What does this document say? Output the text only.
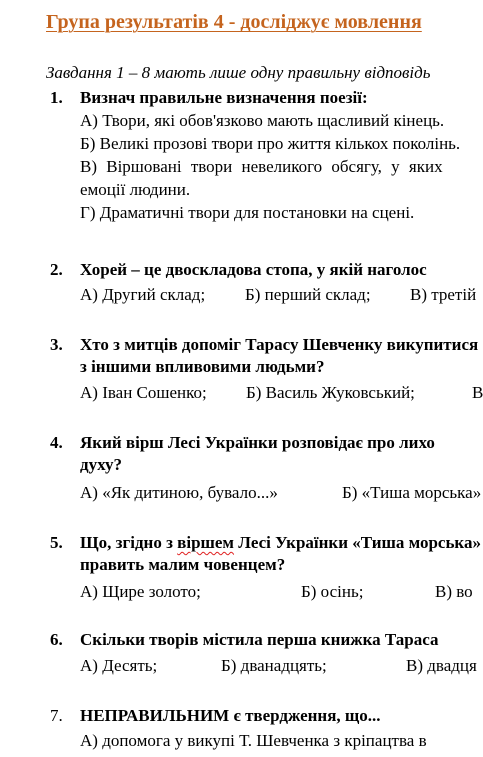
Група результатів 4 - досліджує мовлення
Завдання 1 – 8 мають лише одну правильну відповідь
1. Визнач правильне визначення поезії:
А) Твори, які обов'язково мають щасливий кінець.
Б) Великі прозові твори про життя кількох поколінь.
В) Віршовані твори невеликого обсягу, у яких
емоції людини.
Г) Драматичні твори для постановки на сцені.
2. Хорей – це двоскладова стопа, у якій наголос
А) Другий склад; Б) перший склад; В) третій
3. Хто з митців допоміг Тарасу Шевченку викупитися
з іншими впливовими людьми?
А) Іван Сошенко; Б) Василь Жуковський;	В
4. Який вірш Лесі Українки розповідає про лихо
духу?
А) «Як дитиною, бувало...»	Б) «Тиша морська»
5. Що, згідно з віршем Лесі Українки «Тиша морська»
править малим човенцем?
А) Щире золото;	Б) осінь;	В) во
6. Скільки творів містила перша книжка Тараса
А) Десять;	Б) дванадцять;	В) двадця
7. НЕПРАВИЛЬНИМ є твердження, що...
А) допомога у викупі Т. Шевченка з кріпацтва в
